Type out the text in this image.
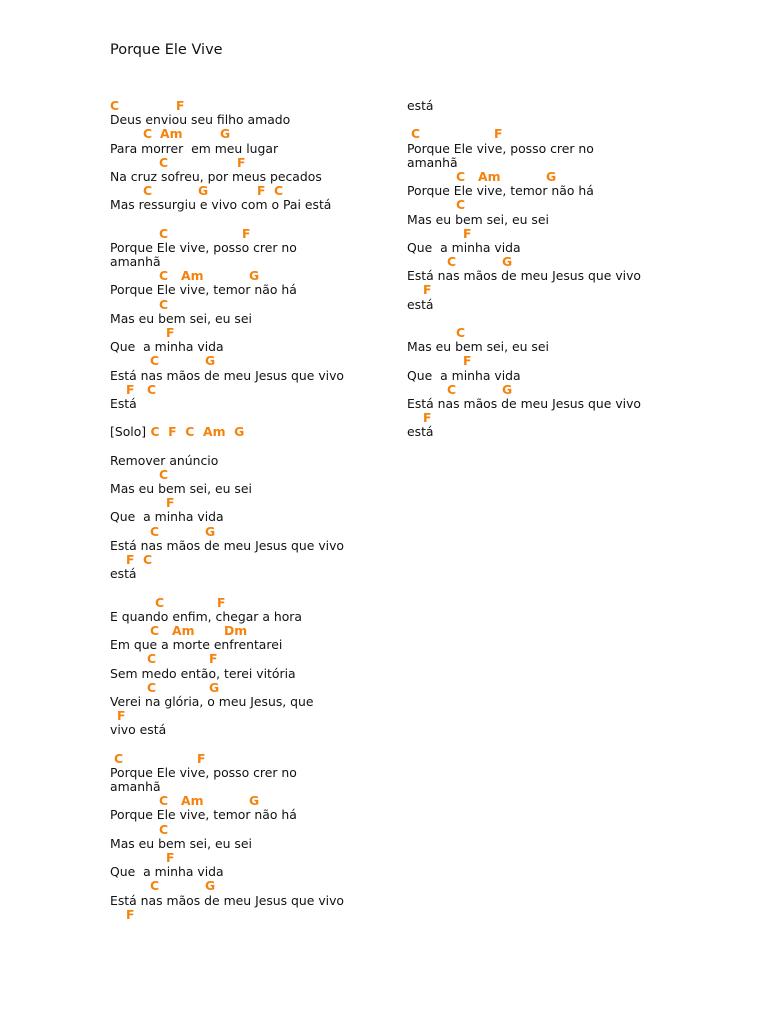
Porque Ele Vive
C	F
Deus enviou seu filho amado
C Am	G
Para morrer  em meu lugar
C	F
Na cruz sofreu, por meus pecados
C	G	F C
Mas ressurgiu e vivo com o Pai está
C	F
Porque Ele vive, posso crer no
amanhã
C Am	G
Porque Ele vive, temor não há
C
Mas eu bem sei, eu sei
F
Que  a minha vida
C	G
Está nas mãos de meu Jesus que vivo
F C
Está
[Solo] C  F  C  Am  G
Remover anúncio
C
Mas eu bem sei, eu sei
F
Que  a minha vida
C	G
Está nas mãos de meu Jesus que vivo
F C
está
C	F
E quando enfim, chegar a hora
C Am Dm
Em que a morte enfrentarei
C	F
Sem medo então, terei vitória
C	G
Verei na glória, o meu Jesus, que
F
vivo está
C	F
Porque Ele vive, posso crer no
amanhã
C Am	G
Porque Ele vive, temor não há
C
Mas eu bem sei, eu sei
F
Que  a minha vida
C	G
Está nas mãos de meu Jesus que vivo
F
está
C	F
Porque Ele vive, posso crer no
amanhã
C Am	G
Porque Ele vive, temor não há
C
Mas eu bem sei, eu sei
F
Que  a minha vida
C	G
Está nas mãos de meu Jesus que vivo
F
está
C
Mas eu bem sei, eu sei
F
Que  a minha vida
C	G
Está nas mãos de meu Jesus que vivo
F
está
